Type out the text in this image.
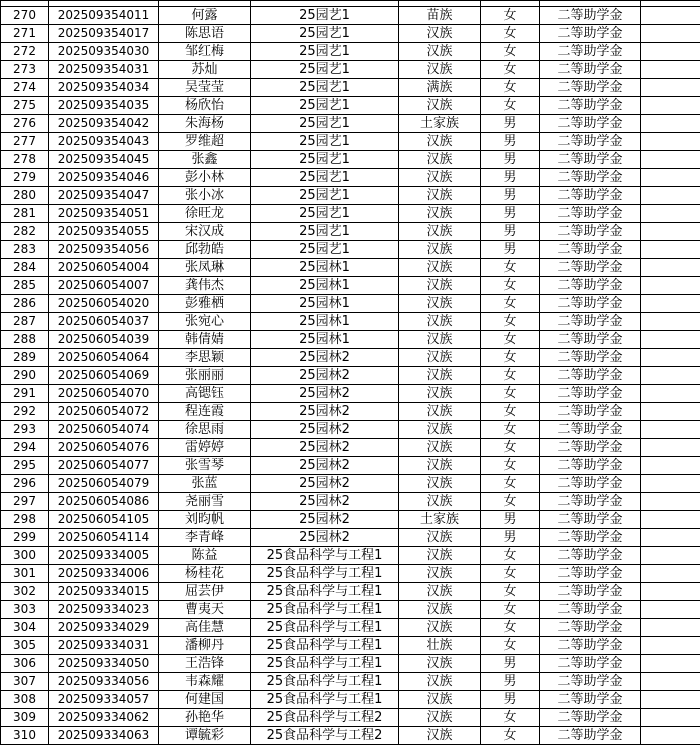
270	202509354011	何露	25园艺1	苗族	女	二等助学金	
271	202509354017	陈思语	25园艺1	汉族	女	二等助学金	
272	202509354030	邹红梅	25园艺1	汉族	女	二等助学金	
273	202509354031	苏灿	25园艺1	汉族	女	二等助学金	
274	202509354034	吴莹莹	25园艺1	满族	女	二等助学金	
275	202509354035	杨欣怡	25园艺1	汉族	女	二等助学金	
276	202509354042	朱海杨	25园艺1	土家族	男	二等助学金	
277	202509354043	罗维超	25园艺1	汉族	男	二等助学金	
278	202509354045	张鑫	25园艺1	汉族	男	二等助学金	
279	202509354046	彭小林	25园艺1	汉族	男	二等助学金	
280	202509354047	张小冰	25园艺1	汉族	男	二等助学金	
281	202509354051	徐旺龙	25园艺1	汉族	男	二等助学金	
282	202509354055	宋汉成	25园艺1	汉族	男	二等助学金	
283	202509354056	邱勃皓	25园艺1	汉族	男	二等助学金	
284	202506054004	张凤琳	25园林1	汉族	女	二等助学金	
285	202506054007	龚伟杰	25园林1	汉族	女	二等助学金	
286	202506054020	彭雅栖	25园林1	汉族	女	二等助学金	
287	202506054037	张宛心	25园林1	汉族	女	二等助学金	
288	202506054039	韩倩婧	25园林1	汉族	女	二等助学金	
289	202506054064	李思颖	25园林2	汉族	女	二等助学金	
290	202506054069	张丽丽	25园林2	汉族	女	二等助学金	
291	202506054070	高锶钰	25园林2	汉族	女	二等助学金	
292	202506054072	程连霞	25园林2	汉族	女	二等助学金	
293	202506054074	徐思雨	25园林2	汉族	女	二等助学金	
294	202506054076	雷婷婷	25园林2	汉族	女	二等助学金	
295	202506054077	张雪琴	25园林2	汉族	女	二等助学金	
296	202506054079	张蓝	25园林2	汉族	女	二等助学金	
297	202506054086	尧丽雪	25园林2	汉族	女	二等助学金	
298	202506054105	刘昀帆	25园林2	土家族	男	二等助学金	
299	202506054114	李青峰	25园林2	汉族	男	二等助学金	
300	202509334005	陈益	25食品科学与工程1	汉族	女	二等助学金	
301	202509334006	杨桂花	25食品科学与工程1	汉族	女	二等助学金	
302	202509334015	屈芸伊	25食品科学与工程1	汉族	女	二等助学金	
303	202509334023	曹夷天	25食品科学与工程1	汉族	女	二等助学金	
304	202509334029	高佳慧	25食品科学与工程1	汉族	女	二等助学金	
305	202509334031	潘柳丹	25食品科学与工程1	壮族	女	二等助学金	
306	202509334050	王浩锋	25食品科学与工程1	汉族	男	二等助学金	
307	202509334056	韦森耀	25食品科学与工程1	汉族	男	二等助学金	
308	202509334057	何建国	25食品科学与工程1	汉族	男	二等助学金	
309	202509334062	孙艳华	25食品科学与工程2	汉族	女	二等助学金	
310	202509334063	谭毓彩	25食品科学与工程2	汉族	女	二等助学金	
